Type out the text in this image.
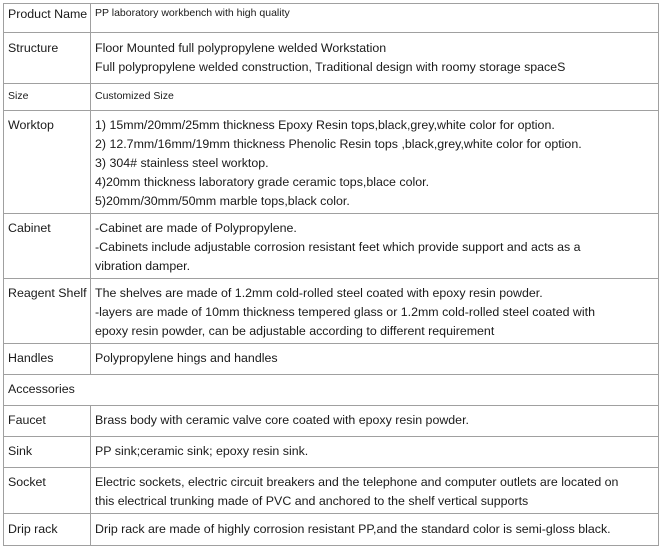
Product Name	PP laboratory workbench with high quality

Structure	Floor Mounted full polypropylene welded Workstation
Full polypropylene welded construction, Traditional design with roomy storage spaceS

Size	Customized Size

Worktop	1) 15mm/20mm/25mm thickness Epoxy Resin tops,black,grey,white color for option.
2) 12.7mm/16mm/19mm thickness Phenolic Resin tops ,black,grey,white color for option.
3) 304# stainless steel worktop.
4)20mm thickness laboratory grade ceramic tops,blace color.
5)20mm/30mm/50mm marble tops,black color.

Cabinet	-Cabinet are made of Polypropylene.
-Cabinets include adjustable corrosion resistant feet which provide support and acts as a
vibration damper.

Reagent Shelf	The shelves are made of 1.2mm cold-rolled steel coated with epoxy resin powder.
-layers are made of 10mm thickness tempered glass or 1.2mm cold-rolled steel coated with
epoxy resin powder, can be adjustable according to different requirement

Handles	Polypropylene hings and handles

Accessories	
Faucet	Brass body with ceramic valve core coated with epoxy resin powder.

Sink	PP sink;ceramic sink; epoxy resin sink.

Socket	Electric sockets, electric circuit breakers and the telephone and computer outlets are located on
this electrical trunking made of PVC and anchored to the shelf vertical supports

Drip rack	Drip rack are made of highly corrosion resistant PP,and the standard color is semi-gloss black.
